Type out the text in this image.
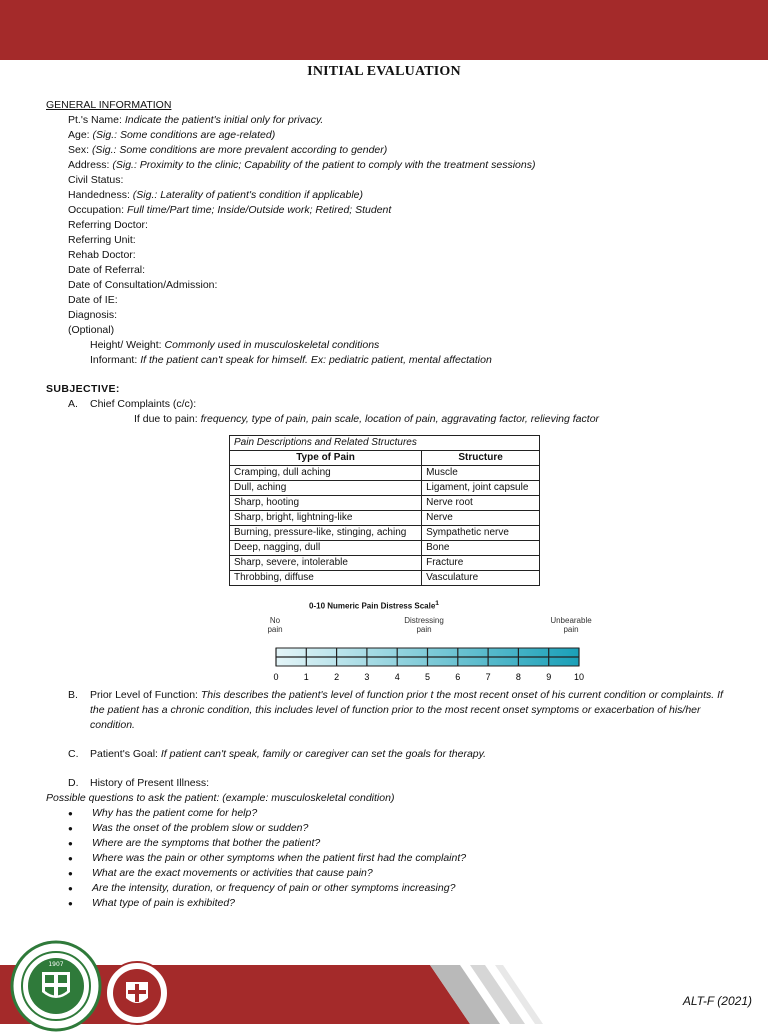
INITIAL EVALUATION
GENERAL INFORMATION
Pt.'s Name: Indicate the patient's initial only for privacy.
Age: (Sig.: Some conditions are age-related)
Sex: (Sig.: Some conditions are more prevalent according to gender)
Address: (Sig.: Proximity to the clinic; Capability of the patient to comply with the treatment sessions)
Civil Status:
Handedness: (Sig.: Laterality of patient's condition if applicable)
Occupation: Full time/Part time; Inside/Outside work; Retired; Student
Referring Doctor:
Referring Unit:
Rehab Doctor:
Date of Referral:
Date of Consultation/Admission:
Date of IE:
Diagnosis:
(Optional)
Height/ Weight: Commonly used in musculoskeletal conditions
Informant: If the patient can't speak for himself. Ex: pediatric patient, mental affectation
SUBJECTIVE:
A. Chief Complaints (c/c):
If due to pain: frequency, type of pain, pain scale, location of pain, aggravating factor, relieving factor
Pain Descriptions and Related Structures	
Type of Pain	Structure
Cramping, dull aching	Muscle
Dull, aching	Ligament, joint capsule
Sharp, hooting	Nerve root
Sharp, bright, lightning-like	Nerve
Burning, pressure-like, stinging, aching	Sympathetic nerve
Deep, nagging, dull	Bone
Sharp, severe, intolerable	Fracture
Throbbing, diffuse	Vasculature
0-10 Numeric Pain Distress Scale$^1$
No
pain
Distressing
pain
Unbearable
pain
0	1	2	3	4	5	6	7	8	9	10
B. Prior Level of Function: This describes the patient's level of function prior t the most recent onset of his current condition or complaints. If the patient has a chronic condition, this includes level of function prior to the most recent onset symptoms or exacerbation of his/her condition.
C. Patient's Goal: If patient can't speak, family or caregiver can set the goals for therapy.
D. History of Present Illness:
Possible questions to ask the patient: (example: musculoskeletal condition)
● Why has the patient come for help?
● Was the onset of the problem slow or sudden?
● Where are the symptoms that bother the patient?
● Where was the pain or other symptoms when the patient first had the complaint?
● What are the exact movements or activities that cause pain?
● Are the intensity, duration, or frequency of pain or other symptoms increasing?
● What type of pain is exhibited?
1907
ALT-F (2021)
